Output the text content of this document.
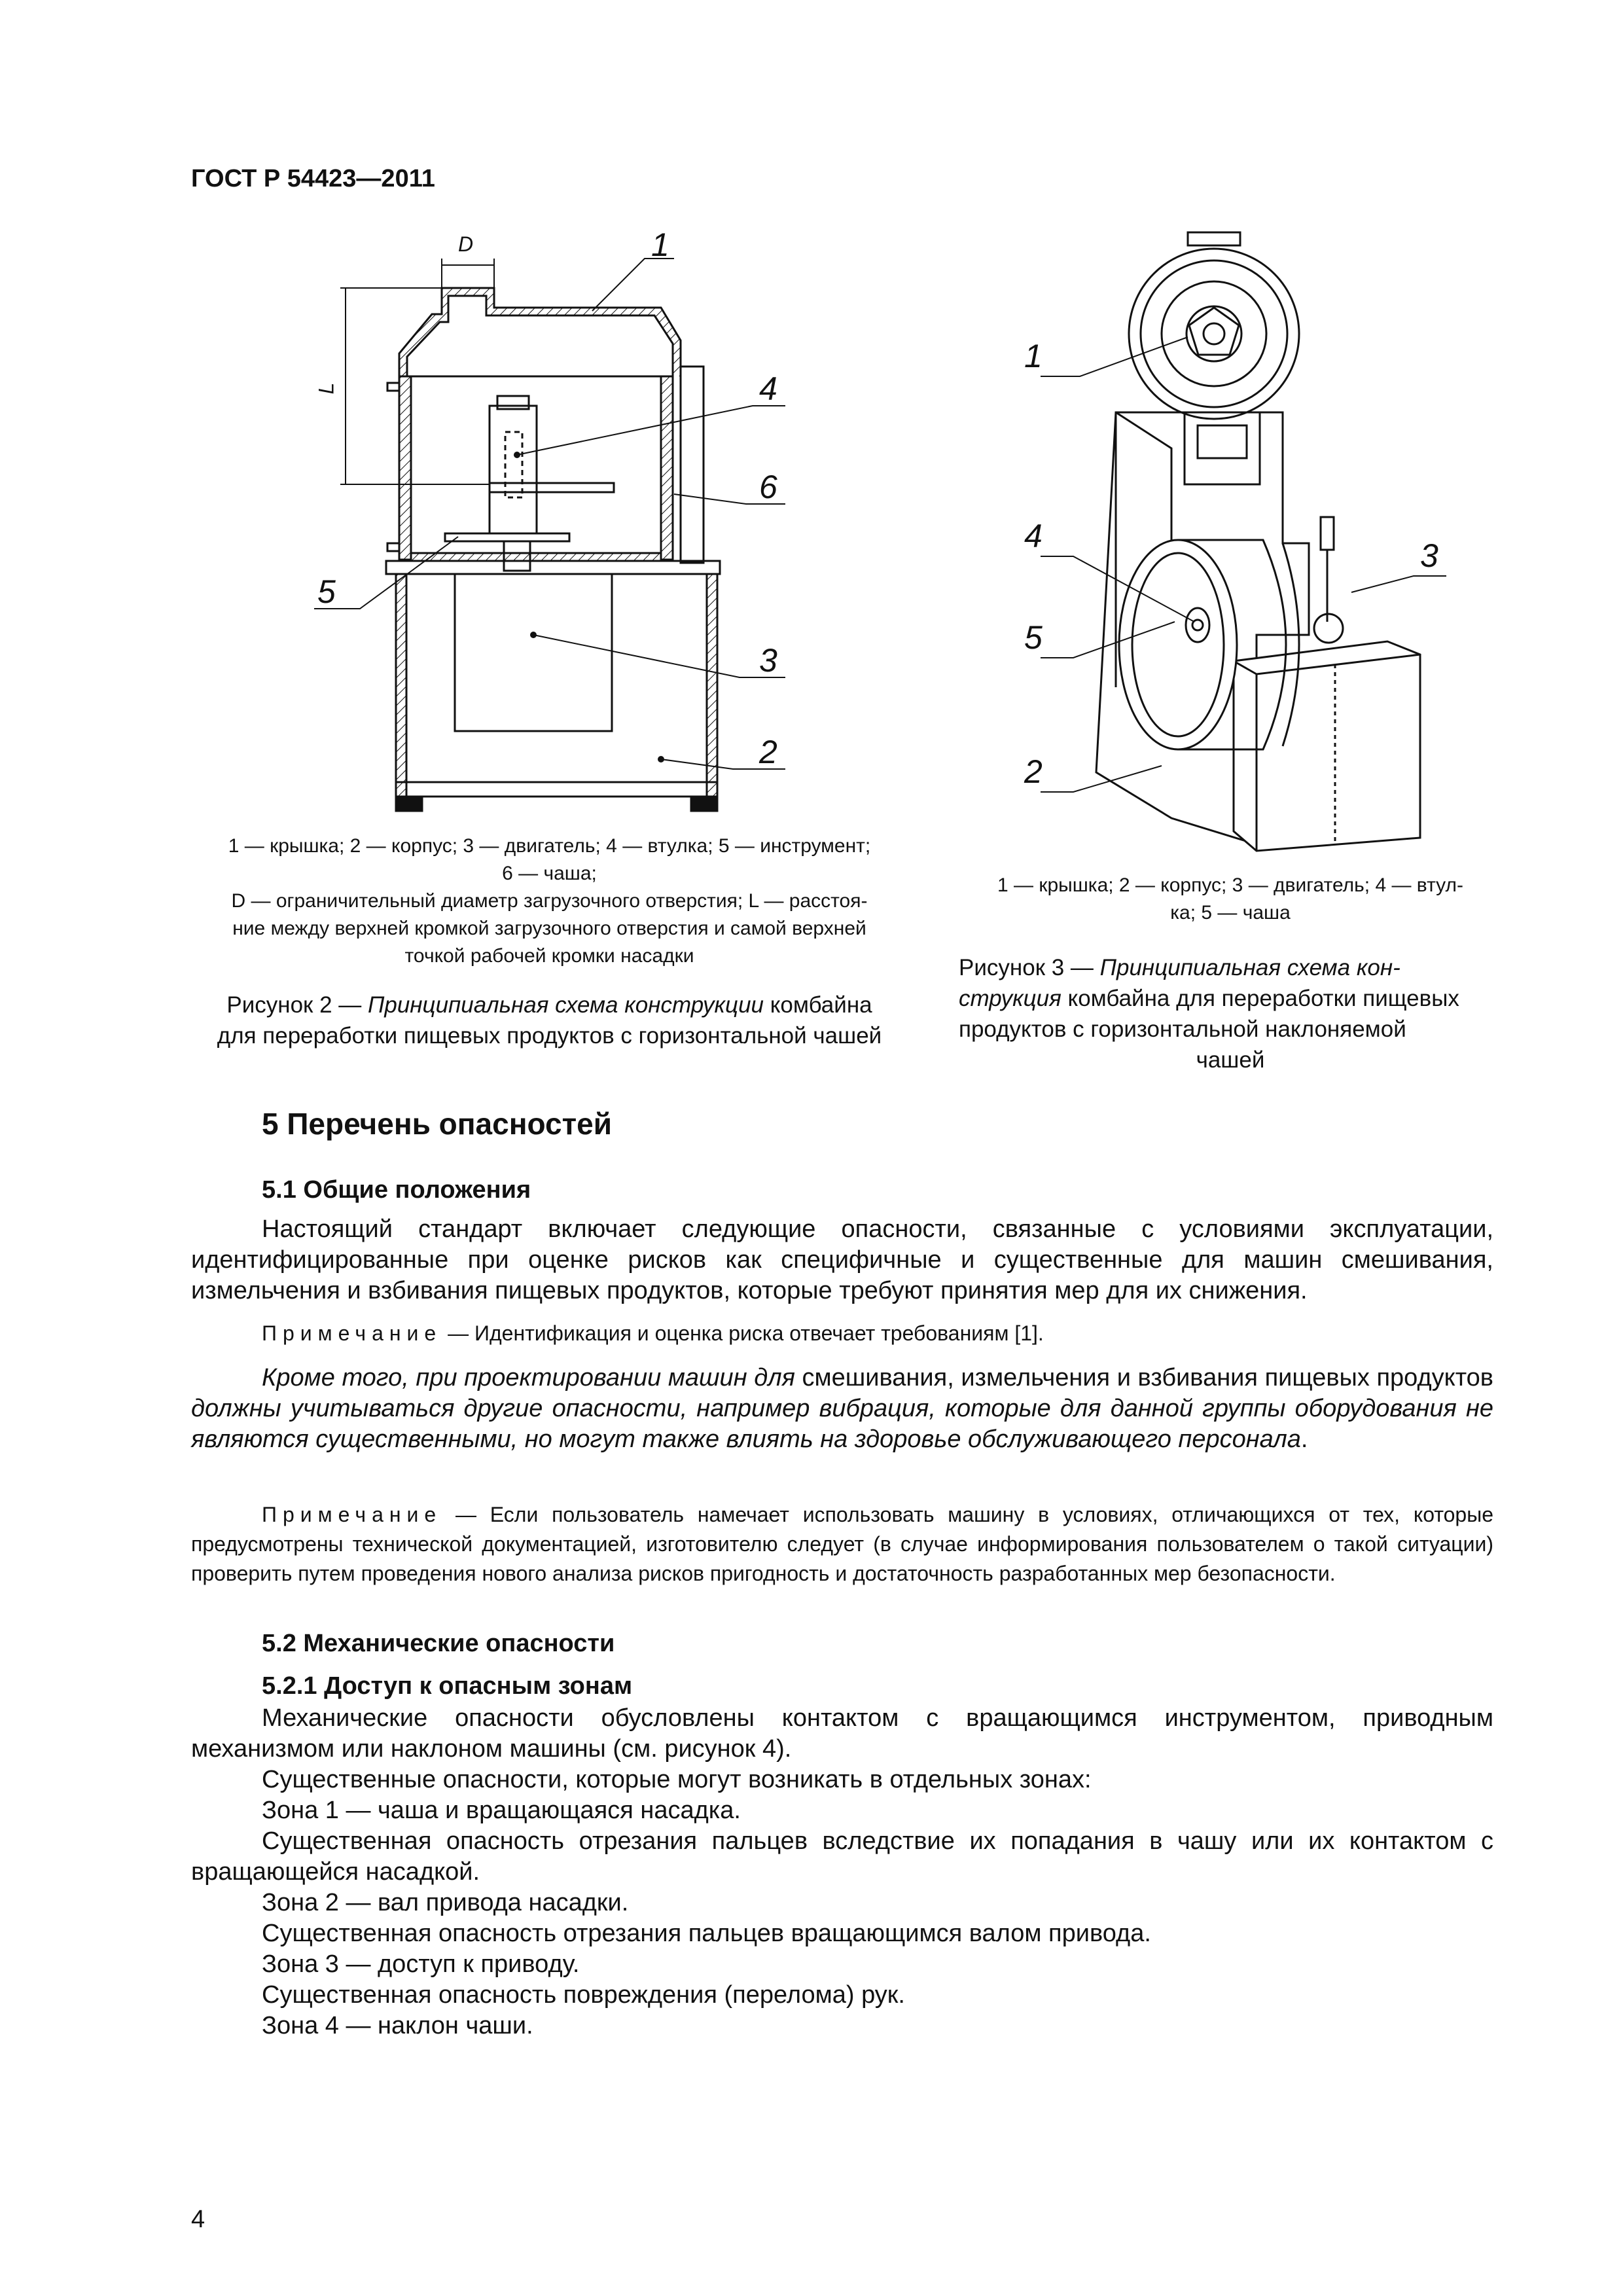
ГОСТ Р 54423—2011
D
L
1
4
6
3
2
5
1
4
5
2
3
1 — крышка; 2 — корпус; 3 — двигатель; 4 — втулка; 5 — инструмент;
6 — чаша;
D — ограничительный диаметр загрузочного отверстия; L — расстоя-
ние между верхней кромкой загрузочного отверстия и самой верхней
точкой рабочей кромки насадки
Рисунок 2 — Принципиальная схема конструкции комбайна
для переработки пищевых продуктов с горизонтальной чашей
1 — крышка; 2 — корпус; 3 — двигатель; 4 — втул-
ка; 5 — чаша
Рисунок 3 — Принципиальная схема кон-
струкция комбайна для переработки пищевых
продуктов с горизонтальной наклоняемой
чашей
5 Перечень опасностей
5.1 Общие положения
Настоящий стандарт включает следующие опасности, связанные с условиями эксплуатации, идентифицированные при оценке рисков как специфичные и существенные для машин смешивания, измельчения и взбивания пищевых продуктов, которые требуют принятия мер для их снижения.
Примечание — Идентификация и оценка риска отвечает требованиям [1].
Кроме того, при проектировании машин для смешивания, измельчения и взбивания пищевых продуктов должны учитываться другие опасности, например вибрация, которые для данной группы оборудования не являются существенными, но могут также влиять на здоровье обслуживающего персонала.
Примечание — Если пользователь намечает использовать машину в условиях, отличающихся от тех, которые предусмотрены технической документацией, изготовителю следует (в случае информирования пользователем о такой ситуации) проверить путем проведения нового анализа рисков пригодность и достаточность разработанных мер безопасности.
5.2 Механические опасности
5.2.1 Доступ к опасным зонам
Механические опасности обусловлены контактом с вращающимся инструментом, приводным механизмом или наклоном машины (см. рисунок 4).
Существенные опасности, которые могут возникать в отдельных зонах:
Зона 1 — чаша и вращающаяся насадка.
Существенная опасность отрезания пальцев вследствие их попадания в чашу или их контактом с вращающейся насадкой.
Зона 2 — вал привода насадки.
Существенная опасность отрезания пальцев вращающимся валом привода.
Зона 3 — доступ к приводу.
Существенная опасность повреждения (перелома) рук.
Зона 4 — наклон чаши.
4
